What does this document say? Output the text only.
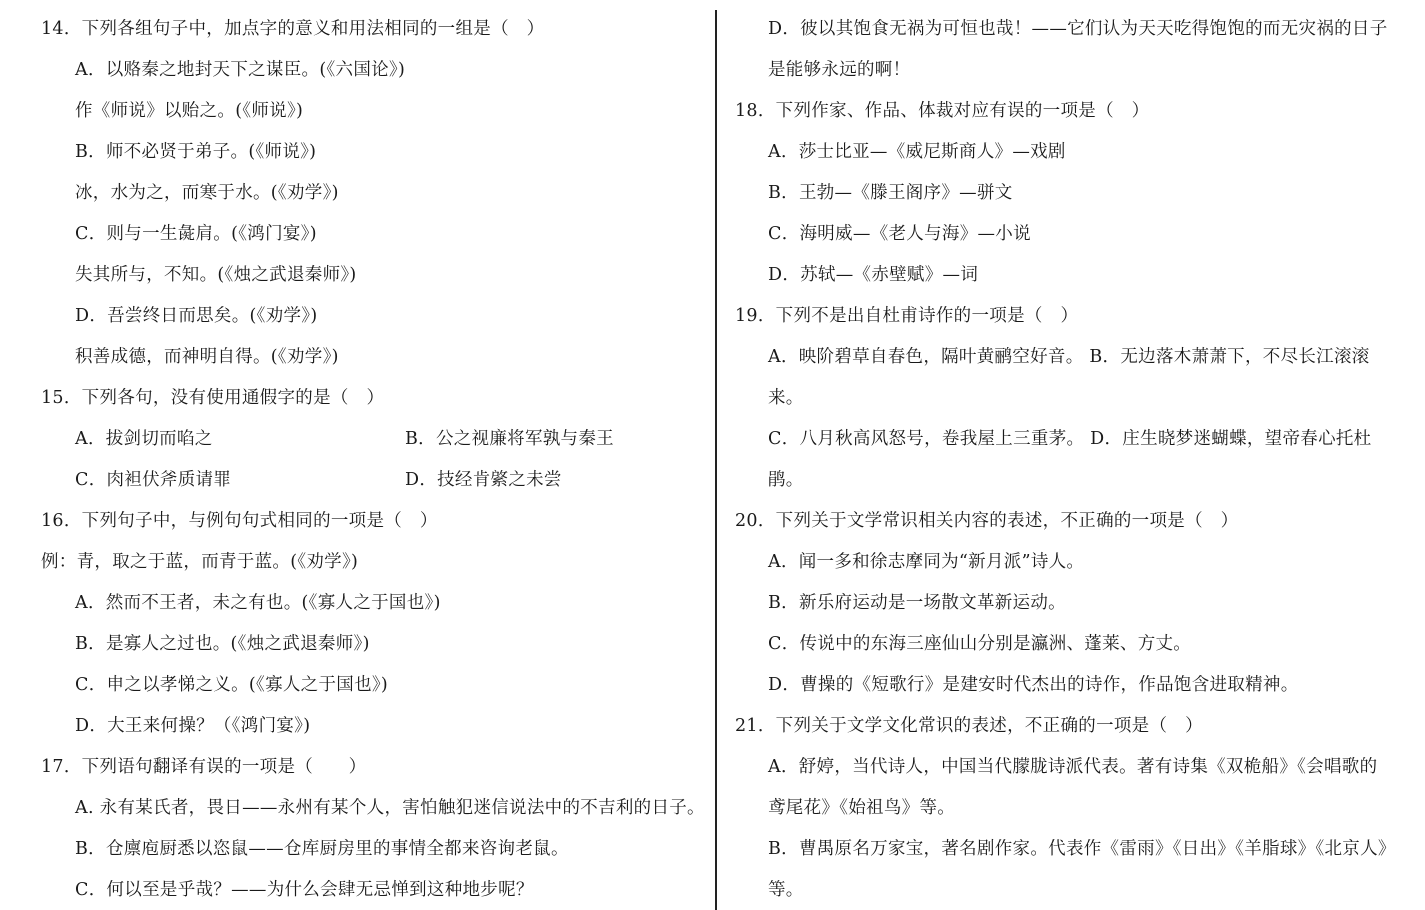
14．下列各组句子中，加点字的意义和用法相同的一组是（　）
A．以赂秦之地封天下之谋臣。(《六国论》)
作《师说》以贻之。(《师说》)
B．师不必贤于弟子。(《师说》)
冰，水为之，而寒于水。(《劝学》)
C．则与一生彘肩。(《鸿门宴》)
失其所与，不知。(《烛之武退秦师》)
D．吾尝终日而思矣。(《劝学》)
积善成德，而神明自得。(《劝学》)
15．下列各句，没有使用通假字的是（　）
A．拔剑切而啗之	B．公之视廉将军孰与秦王
C．肉袒伏斧质请罪	D．技经肯綮之未尝
16．下列句子中，与例句句式相同的一项是（　）
例：青，取之于蓝，而青于蓝。(《劝学》)
A．然而不王者，未之有也。(《寡人之于国也》)
B．是寡人之过也。(《烛之武退秦师》)
C．申之以孝悌之义。(《寡人之于国也》)
D．大王来何操？（《鸿门宴》)
17．下列语句翻译有误的一项是（　　）
A. 永有某氏者，畏日——永州有某个人，害怕触犯迷信说法中的不吉利的日子。
B．仓廪庖厨悉以恣鼠——仓库厨房里的事情全都来咨询老鼠。
C．何以至是乎哉？——为什么会肆无忌惮到这种地步呢？
D．彼以其饱食无祸为可恒也哉！——它们认为天天吃得饱饱的而无灾祸的日子
是能够永远的啊！
18．下列作家、作品、体裁对应有误的一项是（　）
A．莎士比亚—《威尼斯商人》—戏剧
B．王勃—《滕王阁序》—骈文
C．海明威—《老人与海》—小说
D．苏轼—《赤壁赋》—词
19．下列不是出自杜甫诗作的一项是（　）
A．映阶碧草自春色，隔叶黄鹂空好音。 B．无边落木萧萧下，不尽长江滚滚
来。
C．八月秋高风怒号，卷我屋上三重茅。 D．庄生晓梦迷蝴蝶，望帝春心托杜
鹃。
20．下列关于文学常识相关内容的表述，不正确的一项是（　）
A．闻一多和徐志摩同为“新月派”诗人。
B．新乐府运动是一场散文革新运动。
C．传说中的东海三座仙山分别是瀛洲、蓬莱、方丈。
D．曹操的《短歌行》是建安时代杰出的诗作，作品饱含进取精神。
21．下列关于文学文化常识的表述，不正确的一项是（　）
A．舒婷，当代诗人，中国当代朦胧诗派代表。著有诗集《双桅船》《会唱歌的
鸢尾花》《始祖鸟》等。
B．曹禺原名万家宝，著名剧作家。代表作《雷雨》《日出》《羊脂球》《北京人》
等。
